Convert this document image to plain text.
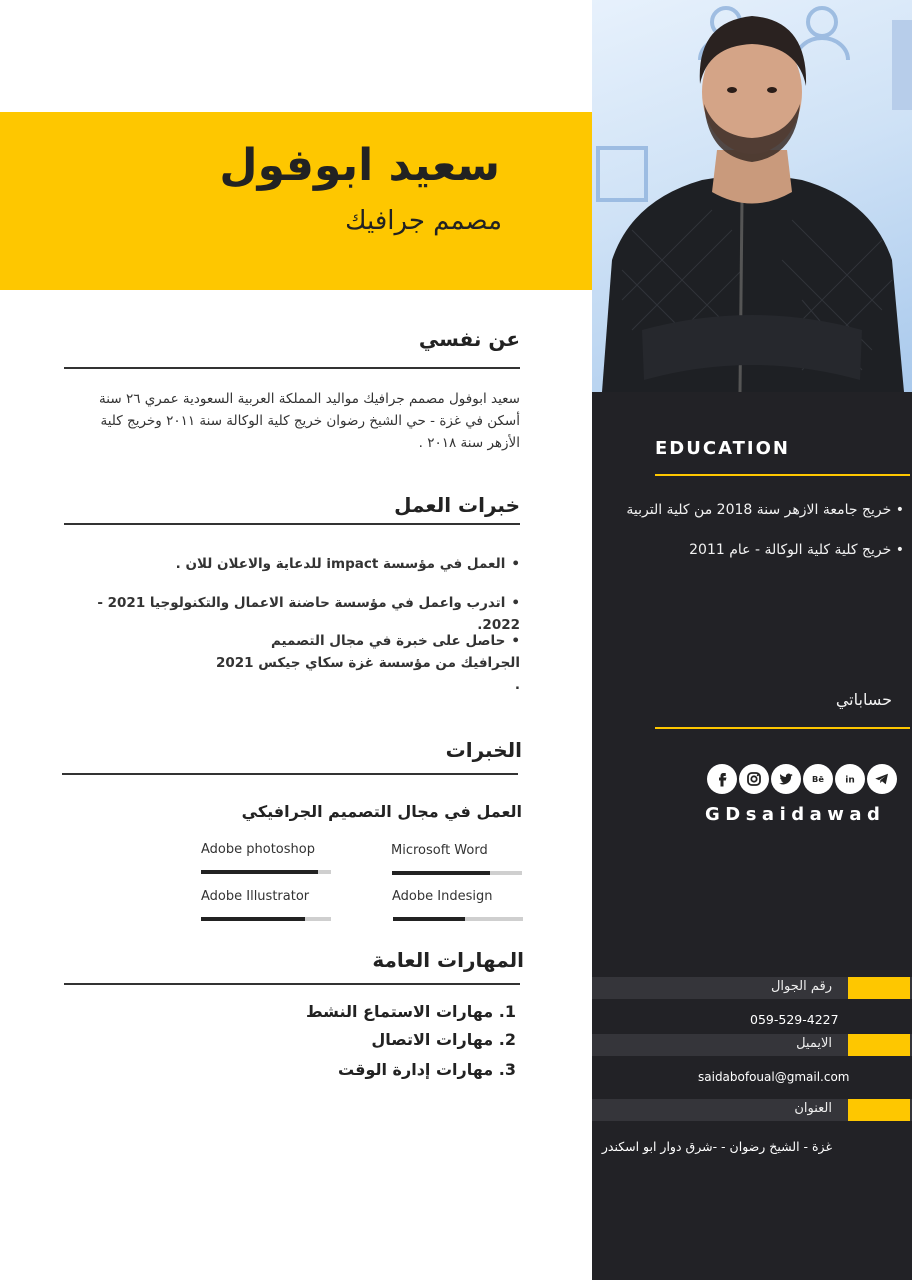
سعيد ابوفول
مصمم جرافيك
EDUCATION
• خريج جامعة الازهر سنة 2018 من كلية التربية
• خريج كلية كلية الوكالة - عام 2011
حساباتي
Bē in
GDsaidawad
رقم الجوال
059-529-4227
الايميل
saidabofoual@gmail.com
العنوان
غزة - الشيخ رضوان - -شرق دوار ابو اسكندر
عن نفسي
سعيد ابوفول مصمم جرافيك مواليد المملكة العربية السعودية عمري ٢٦ سنة أسكن في غزة - حي الشيخ رضوان خريج كلية الوكالة سنة ٢٠١١ وخريج كلية الأزهر سنة ٢٠١٨ .
خبرات العمل
• العمل في مؤسسة impact للدعاية والاعلان للان .
• اتدرب واعمل في مؤسسة حاضنة الاعمال والتكنولوجيا 2021 - 2022.
• حاصل على خبرة في مجال التصميم الجرافيك من مؤسسة غزة سكاي جيكس 2021 .
الخبرات
العمل في مجال التصميم الجرافيكي
Adobe photoshop	Microsoft Word
Adobe Illustrator	Adobe Indesign
المهارات العامة
1. مهارات الاستماع النشط
2. مهارات الاتصال
3. مهارات إدارة الوقت
